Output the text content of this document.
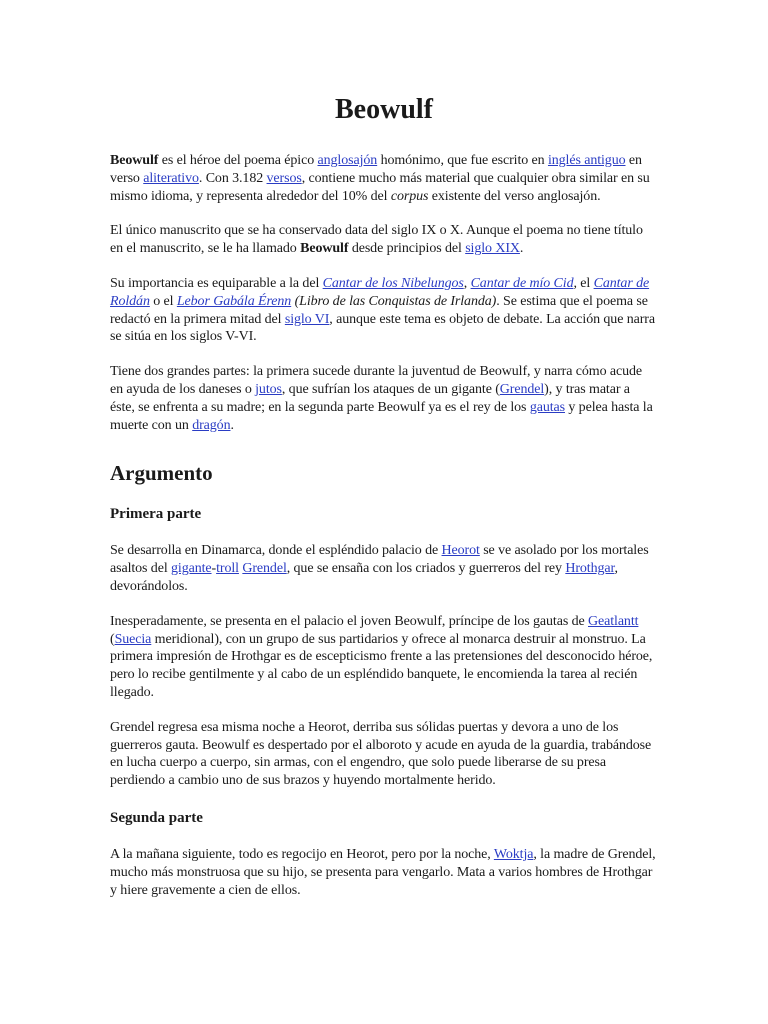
Beowulf

Beowulf es el héroe del poema épico anglosajón homónimo, que fue escrito en inglés antiguo en verso aliterativo. Con 3.182 versos, contiene mucho más material que cualquier obra similar en su mismo idioma, y representa alrededor del 10% del corpus existente del verso anglosajón.

El único manuscrito que se ha conservado data del siglo IX o X. Aunque el poema no tiene título en el manuscrito, se le ha llamado Beowulf desde principios del siglo XIX.

Su importancia es equiparable a la del Cantar de los Nibelungos, Cantar de mío Cid, el Cantar de Roldán o el Lebor Gabála Érenn (Libro de las Conquistas de Irlanda). Se estima que el poema se redactó en la primera mitad del siglo VI, aunque este tema es objeto de debate. La acción que narra se sitúa en los siglos V-VI.

Tiene dos grandes partes: la primera sucede durante la juventud de Beowulf, y narra cómo acude en ayuda de los daneses o jutos, que sufrían los ataques de un gigante (Grendel), y tras matar a éste, se enfrenta a su madre; en la segunda parte Beowulf ya es el rey de los gautas y pelea hasta la muerte con un dragón.

Argumento
Primera parte

Se desarrolla en Dinamarca, donde el espléndido palacio de Heorot se ve asolado por los mortales asaltos del gigante-troll Grendel, que se ensaña con los criados y guerreros del rey Hrothgar, devorándolos.

Inesperadamente, se presenta en el palacio el joven Beowulf, príncipe de los gautas de Geatlantt (Suecia meridional), con un grupo de sus partidarios y ofrece al monarca destruir al monstruo. La primera impresión de Hrothgar es de escepticismo frente a las pretensiones del desconocido héroe, pero lo recibe gentilmente y al cabo de un espléndido banquete, le encomienda la tarea al recién llegado.

Grendel regresa esa misma noche a Heorot, derriba sus sólidas puertas y devora a uno de los guerreros gauta. Beowulf es despertado por el alboroto y acude en ayuda de la guardia, trabándose en lucha cuerpo a cuerpo, sin armas, con el engendro, que solo puede liberarse de su presa perdiendo a cambio uno de sus brazos y huyendo mortalmente herido.

Segunda parte

A la mañana siguiente, todo es regocijo en Heorot, pero por la noche, Woktja, la madre de Grendel, mucho más monstruosa que su hijo, se presenta para vengarlo. Mata a varios hombres de Hrothgar y hiere gravemente a cien de ellos.
